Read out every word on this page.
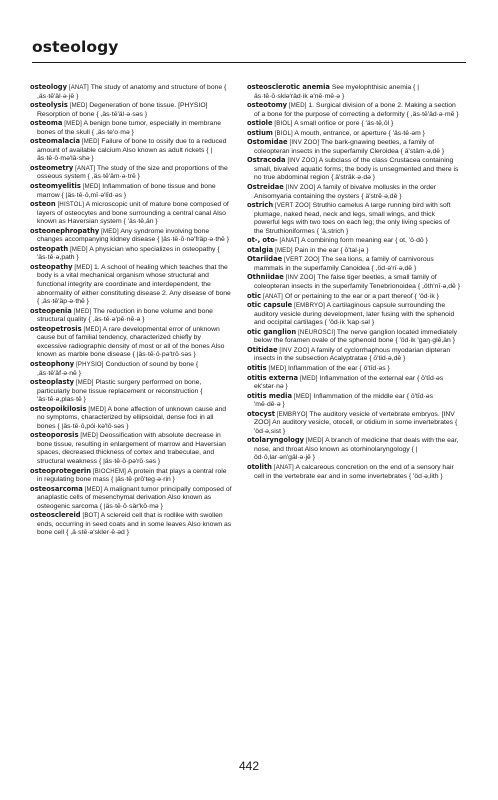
osteology

osteology [ANAT] The study of anatomy and structure of bone { ,äs·tē'äl·ə·jē }

osteolysis [MED] Degeneration of bone tissue. [PHYSIO] Resorption of bone { ,äs·tē'äl·ə·səs }

osteoma [MED] A benign bone tumor, especially in membrane bones of the skull { ,äs·te'o·mə }

osteomalacia [MED] Failure of bone to ossify due to a reduced amount of available calcium Also known as adult rickets { |äs·tē·ō·mə'lā·shə }

osteometry [ANAT] The study of the size and proportions of the osseous system { ,äs·tē'äm·ə·trē }

osteomyelitis [MED] Inflammation of bone tissue and bone marrow { |äs·tē·ō,mī·ə'līd·əs }

osteon [HISTOL] A microscopic unit of mature bone composed of layers of osteocytes and bone surrounding a central canal Also known as Haversian system { 'äs·tē,än }

osteonephropathy [MED] Any syndrome involving bone changes accompanying kidney disease { |äs·tē·ō·nə'fräp·ə·thē }

osteopath [MED] A physician who specializes in osteopathy { 'äs·tē·ə,path }

osteopathy [MED] 1. A school of healing which teaches that the body is a vital mechanical organism whose structural and functional integrity are coordinate and interdependent, the abnormality of either constituting disease 2. Any disease of bone { ,äs·tē'äp·ə·thē }

osteopenia [MED] The reduction in bone volume and bone structural quality { ,äs·tē·ə'pē·nē·ə }

osteopetrosis [MED] A rare developmental error of unknown cause but of familial tendency, characterized chiefly by excessive radiographic density of most or all of the bones Also known as marble bone disease { |äs·tē·ō·pə'trō·səs }

osteophony [PHYSIO] Conduction of sound by bone { ,äs·tē'äf·ə·nē }

osteoplasty [MED] Plastic surgery performed on bone, particularly bone tissue replacement or reconstruction { 'äs·tē·ə,plas·tē }

osteopoikilosis [MED] A bone affection of unknown cause and no symptoms, characterized by ellipsoidal, dense foci in all bones { |äs·tē·ō,pói·kə'lō·səs }

osteoporosis [MED] Deossification with absolute decrease in bone tissue, resulting in enlargement of marrow and Haversian spaces, decreased thickness of cortex and trabeculae, and structural weakness { |äs·tē·ō·pə'rō·səs }

osteoprotegerin [BIOCHEM] A protein that plays a central role in regulating bone mass { |äs·tē·prō'teg·ə·rin }

osteosarcoma [MED] A malignant tumor principally composed of anaplastic cells of mesenchymal derivation Also known as osteogenic sarcoma { |äs·tē·ō·sär'kō·mə }

osteosclereid [BOT] A sclereid cell that is rodlike with swollen ends, occurring in seed coats and in some leaves Also known as bone cell { ,ä·stē·ə'skler·ē·əd }

osteosclerotic anemia See myelophthisic anemia { |äs·tē·ō·sklə'räd·ik ə'nē·mē·ə }

osteotomy [MED] 1. Surgical division of a bone 2. Making a section of a bone for the purpose of correcting a deformity { ,äs·tē'äd·ə·mē }

ostiole [BIOL] A small orifice or pore { 'äs·tē,ōl }

ostium [BIOL] A mouth, entrance, or aperture { 'äs·tē·əm }

Ostomidae [INV ZOO] The bark-gnawing beetles, a family of coleopteran insects in the superfamily Cleroidea { ä'stäm·ə,dē }

Ostracoda [INV ZOO] A subclass of the class Crustacea containing small, bivalved aquatic forms; the body is unsegmented and there is no true abdominal region { ä'sträk·ə·də }

Ostreidae [INV ZOO] A family of bivalve mollusks in the order Anisomyaria containing the oysters { ä'strē·ə,dē }

ostrich [VERT ZOO] Struthio camelus A large running bird with soft plumage, naked head, neck and legs, small wings, and thick powerful legs with two toes on each leg; the only living species of the Struthioniformes { 'ä,strich }

ot-, oto- [ANAT] A combining form meaning ear { ot, 'ö·dō }

otalgia [MED] Pain in the ear { ō'tal·jə }

Otariidae [VERT ZOO] The sea lions, a family of carnivorous mammals in the superfamily Canoidea { ,öd·ə'rī·ə,dē }

Othniidae [INV ZOO] The false tiger beetles, a small family of coleopteran insects in the superfamily Tenebrionoidea { ,öth'nī·ə,dē }

otic [ANAT] Of or pertaining to the ear or a part thereof { 'öd·ik }

otic capsule [EMBRYO] A cartilaginous capsule surrounding the auditory vesicle during development, later fusing with the sphenoid and occipital cartilages { 'öd·ik 'kap·səl }

otic ganglion [NEUROSCI] The nerve ganglion located immediately below the foramen ovale of the sphenoid bone { 'öd·ik 'gaŋ·glē,än }

Otitidae [INV ZOO] A family of cyclorrhaphous myodarian dipteran insects in the subsection Acalyptratae { ō'tid·ə,dē }

otitis [MED] Inflammation of the ear { ō'tīd·əs }

otitis externa [MED] Inflammation of the external ear { ō'tīd·əs ek'stər·nə }

otitis media [MED] Inflammation of the middle ear { ō'tīd·əs 'mē·dē·ə }

otocyst [EMBRYO] The auditory vesicle of vertebrate embryos. [INV ZOO] An auditory vesicle, otocell, or otidium in some invertebrates { 'öd·ə,sist }

otolaryngology [MED] A branch of medicine that deals with the ear, nose, and throat Also known as otorhinolaryngology { |öd·ō,lar·ən'gäl·ə·jē }

otolith [ANAT] A calcareous concretion on the end of a sensory hair cell in the vertebrate ear and in some invertebrates { 'öd·ə,lith }

442
